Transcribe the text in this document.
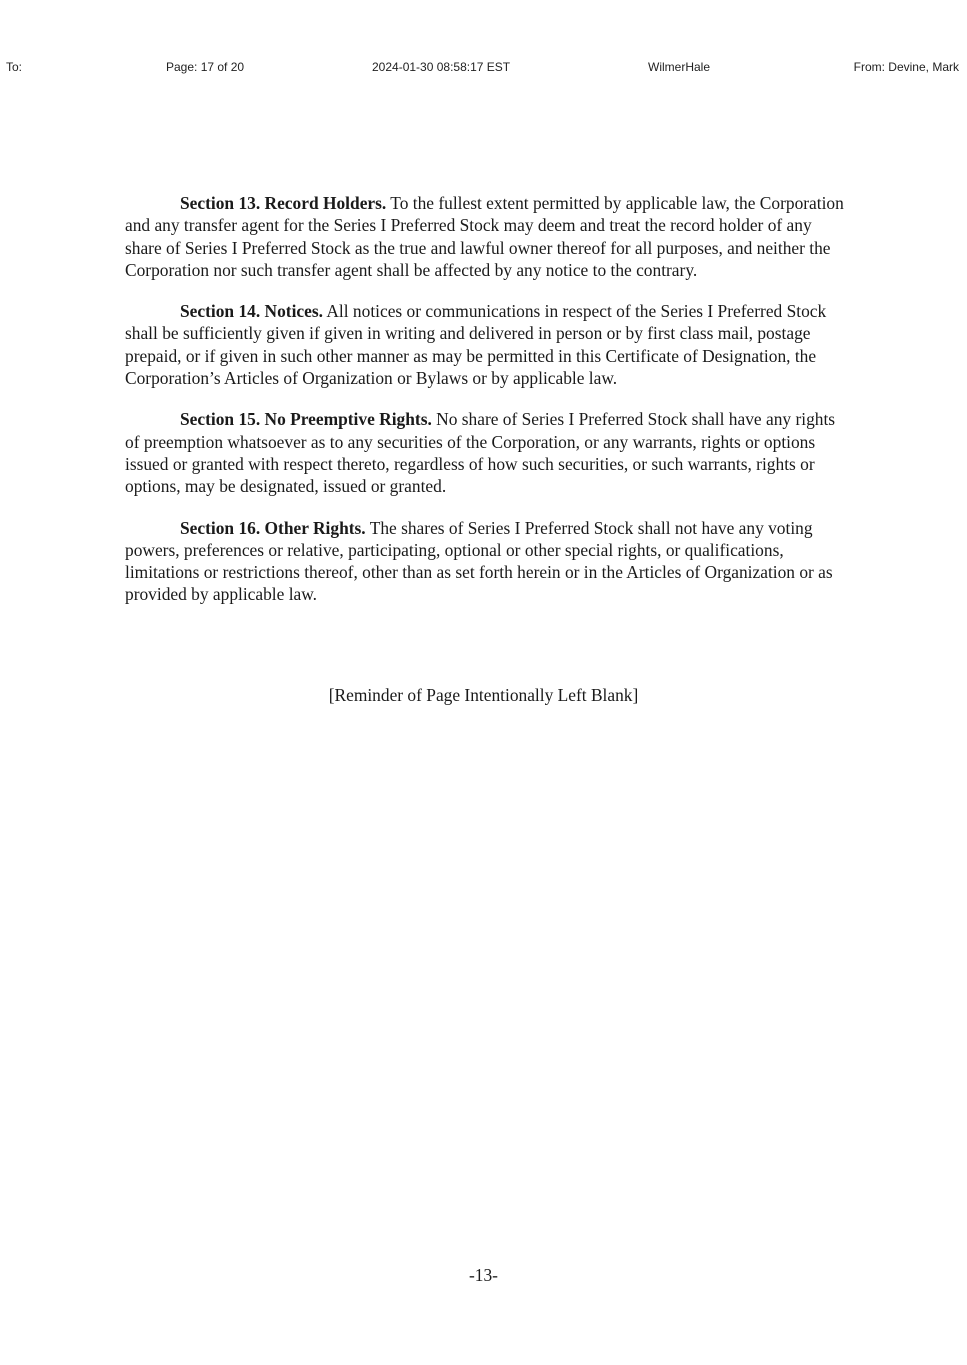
To:	Page: 17 of 20	2024-01-30 08:58:17 EST	WilmerHale	From: Devine, Mark

Section 13. Record Holders. To the fullest extent permitted by applicable law, the Corporation and any transfer agent for the Series I Preferred Stock may deem and treat the record holder of any share of Series I Preferred Stock as the true and lawful owner thereof for all purposes, and neither the Corporation nor such transfer agent shall be affected by any notice to the contrary.

Section 14. Notices. All notices or communications in respect of the Series I Preferred Stock shall be sufficiently given if given in writing and delivered in person or by first class mail, postage prepaid, or if given in such other manner as may be permitted in this Certificate of Designation, the Corporation’s Articles of Organization or Bylaws or by applicable law.

Section 15. No Preemptive Rights. No share of Series I Preferred Stock shall have any rights of preemption whatsoever as to any securities of the Corporation, or any warrants, rights or options issued or granted with respect thereto, regardless of how such securities, or such warrants, rights or options, may be designated, issued or granted.

Section 16. Other Rights. The shares of Series I Preferred Stock shall not have any voting powers, preferences or relative, participating, optional or other special rights, or qualifications, limitations or restrictions thereof, other than as set forth herein or in the Articles of Organization or as provided by applicable law.

[Reminder of Page Intentionally Left Blank]
-13-
